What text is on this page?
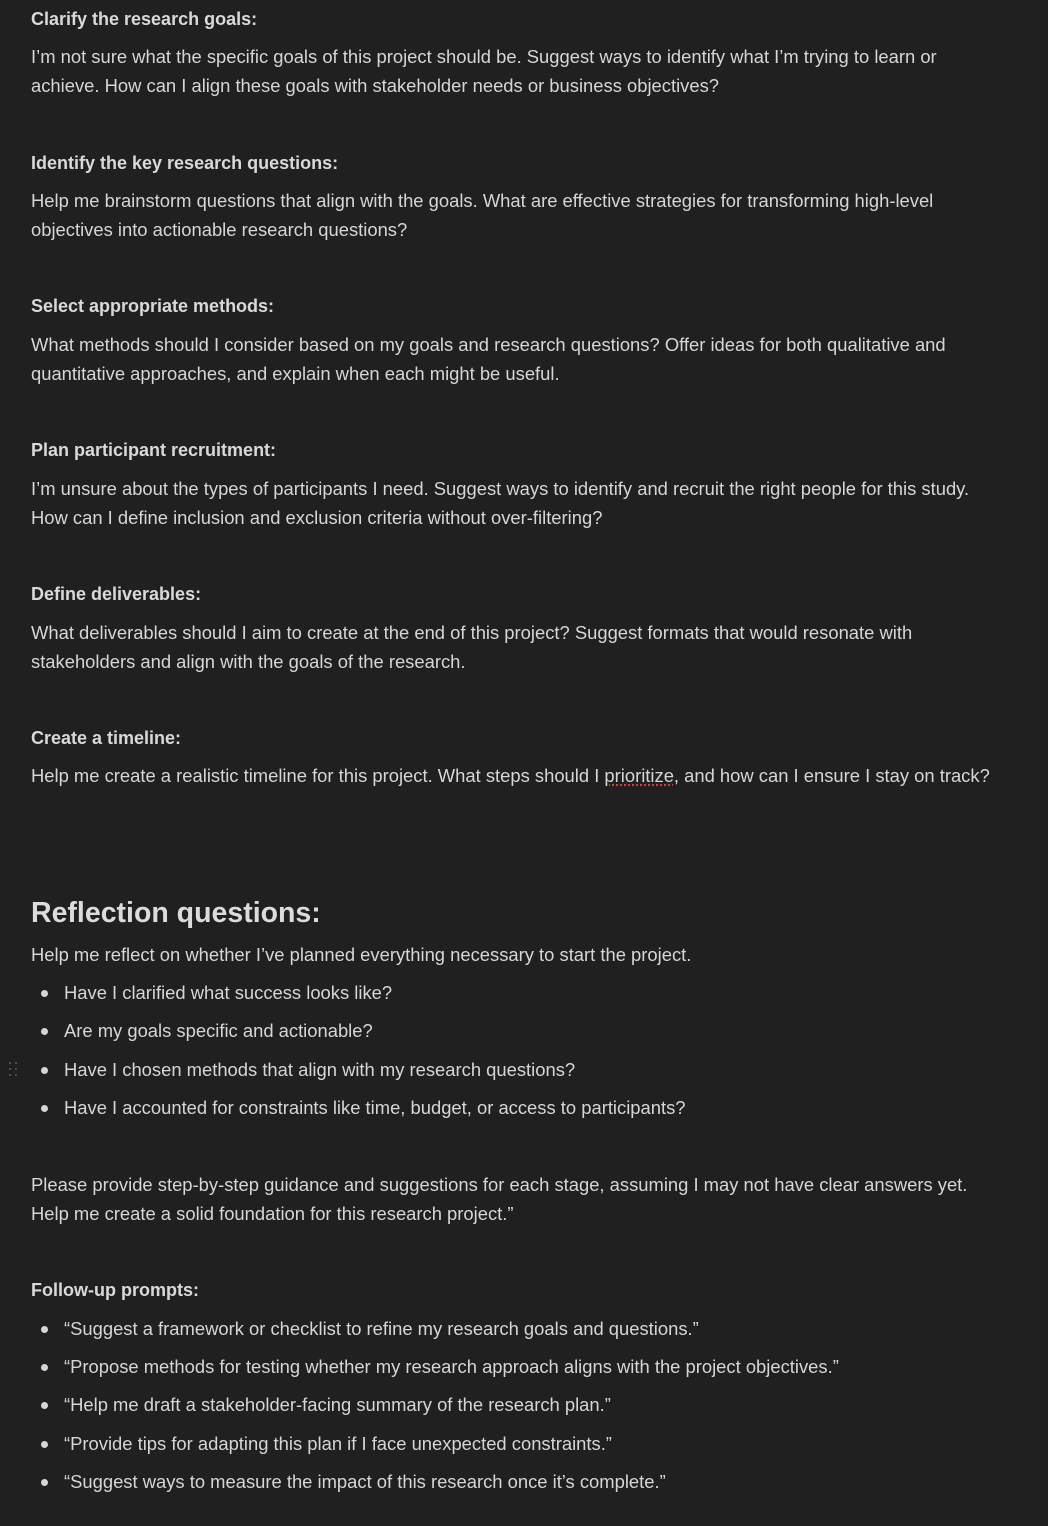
Clarify the research goals:
I’m not sure what the specific goals of this project should be. Suggest ways to identify what I’m trying to learn or achieve. How can I align these goals with stakeholder needs or business objectives?
Identify the key research questions:
Help me brainstorm questions that align with the goals. What are effective strategies for transforming high-level objectives into actionable research questions?
Select appropriate methods:
What methods should I consider based on my goals and research questions? Offer ideas for both qualitative and quantitative approaches, and explain when each might be useful.
Plan participant recruitment:
I’m unsure about the types of participants I need. Suggest ways to identify and recruit the right people for this study. How can I define inclusion and exclusion criteria without over-filtering?
Define deliverables:
What deliverables should I aim to create at the end of this project? Suggest formats that would resonate with stakeholders and align with the goals of the research.
Create a timeline:
Help me create a realistic timeline for this project. What steps should I prioritize, and how can I ensure I stay on track?
Reflection questions:
Help me reflect on whether I’ve planned everything necessary to start the project.
Have I clarified what success looks like?
Are my goals specific and actionable?
Have I chosen methods that align with my research questions?
Have I accounted for constraints like time, budget, or access to participants?
Please provide step-by-step guidance and suggestions for each stage, assuming I may not have clear answers yet. Help me create a solid foundation for this research project.”
Follow-up prompts:
“Suggest a framework or checklist to refine my research goals and questions.”
“Propose methods for testing whether my research approach aligns with the project objectives.”
“Help me draft a stakeholder-facing summary of the research plan.”
“Provide tips for adapting this plan if I face unexpected constraints.”
“Suggest ways to measure the impact of this research once it’s complete.”
